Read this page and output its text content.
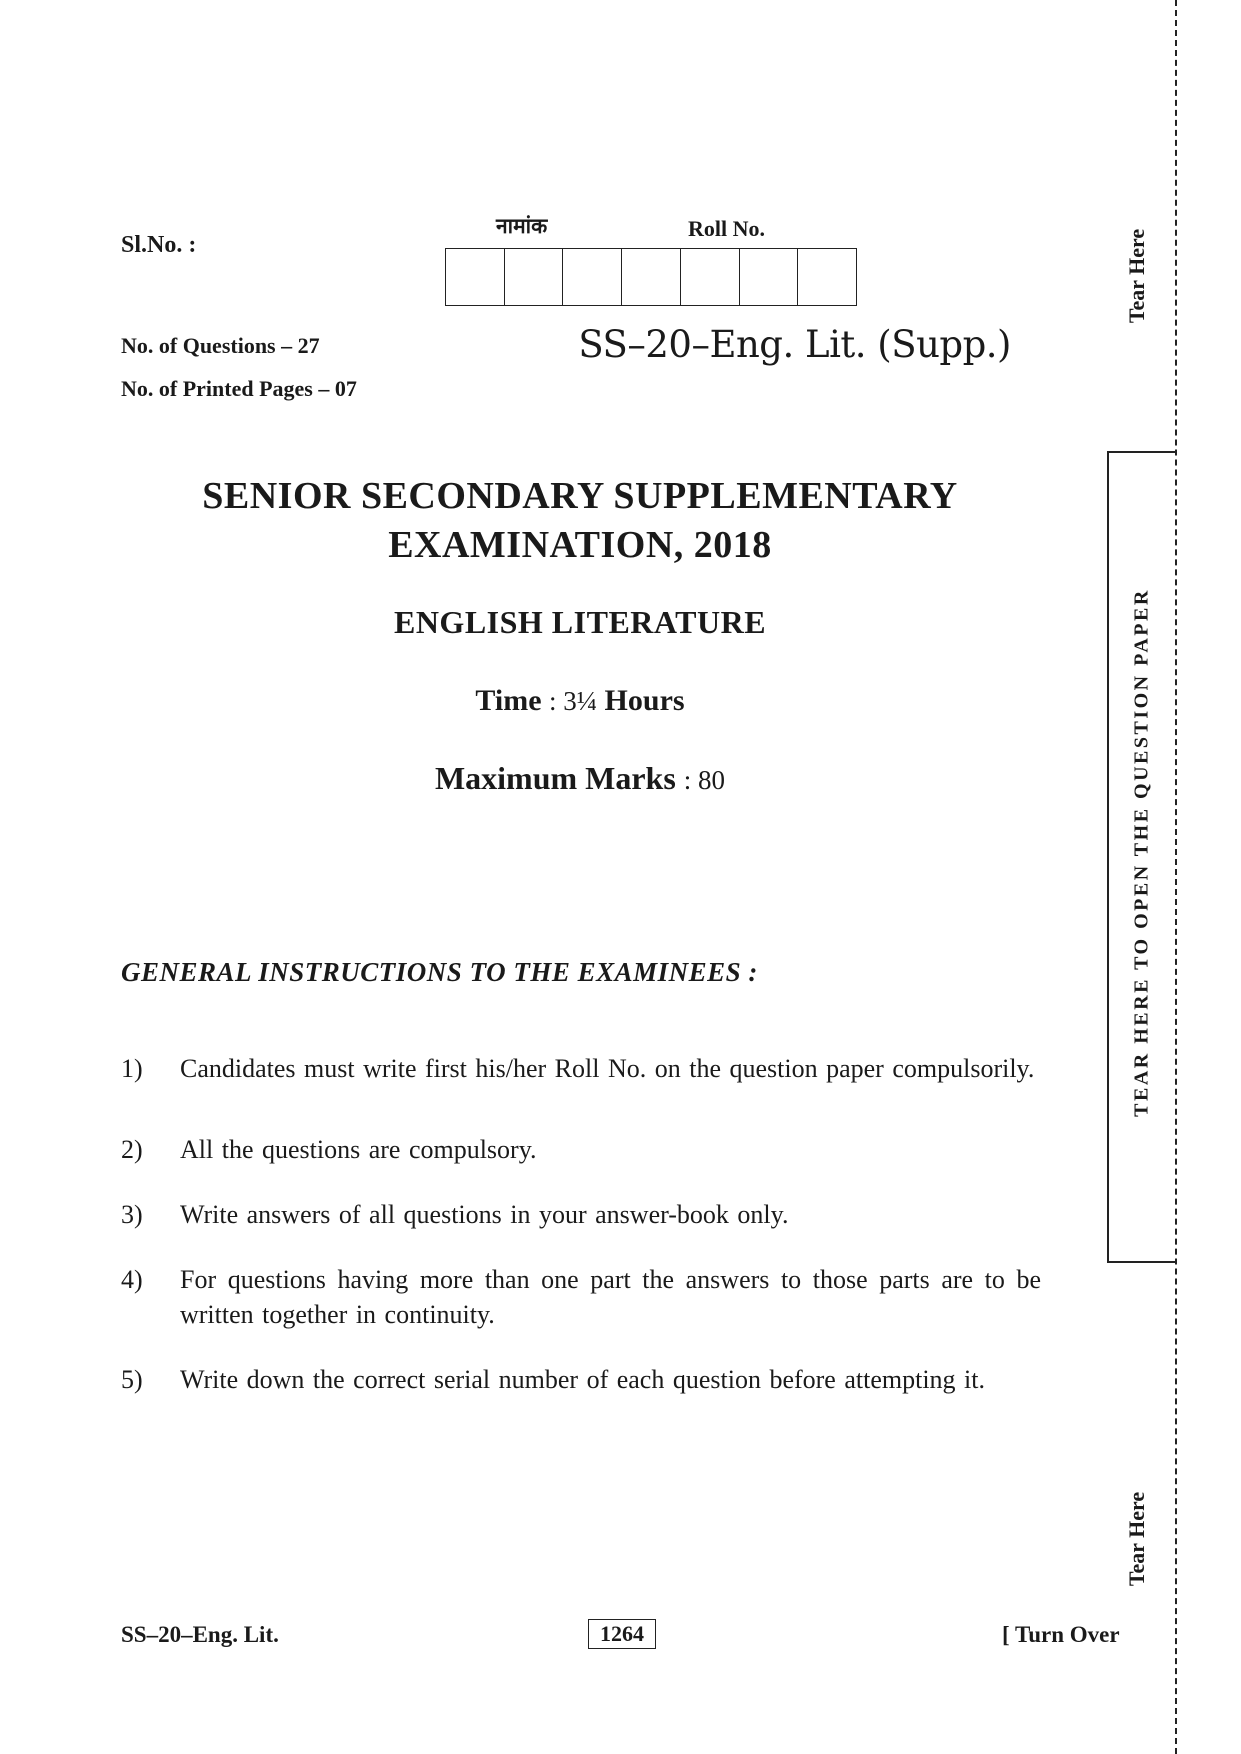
Sl.No. :
नामांक	Roll No.
No. of Questions – 27
No. of Printed Pages – 07
SS–20–Eng. Lit. (Supp.)
SENIOR SECONDARY SUPPLEMENTARY
EXAMINATION, 2018
ENGLISH LITERATURE
Time : 3¼ Hours
Maximum Marks : 80
GENERAL INSTRUCTIONS TO THE EXAMINEES :
1) Candidates must write first his/her Roll No. on the question paper compulsorily.
2) All the questions are compulsory.
3) Write answers of all questions in your answer-book only.
4) For questions having more than one part the answers to those parts are to be written together in continuity.
5) Write down the correct serial number of each question before attempting it.
Tear Here
Tear Here
TEAR HERE TO OPEN THE QUESTION PAPER
SS–20–Eng. Lit.	1264	[ Turn Over
